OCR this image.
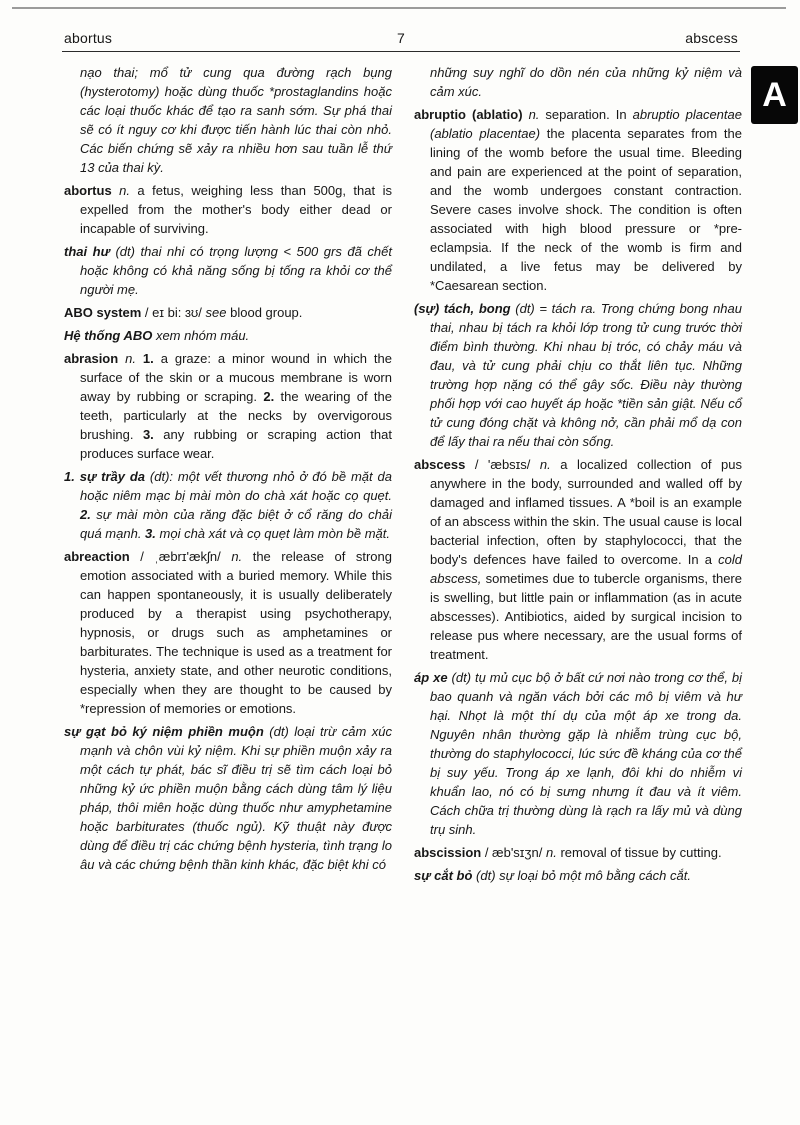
abortus	7	abscess
A

nạo thai; mổ tử cung qua đường rạch bụng (hysterotomy) hoặc dùng thuốc *prostaglandins hoặc các loại thuốc khác để tạo ra sanh sớm. Sự phá thai sẽ có ít nguy cơ khi được tiến hành lúc thai còn nhỏ. Các biến chứng sẽ xảy ra nhiều hơn sau tuần lễ thứ 13 của thai kỳ.

abortus n. a fetus, weighing less than 500g, that is expelled from the mother's body either dead or incapable of surviving.

thai hư (dt) thai nhi có trọng lượng < 500 grs đã chết hoặc không có khả năng sống bị tống ra khỏi cơ thể người mẹ.

ABO system / eɪ bi: ɜʊ/ see blood group.

Hệ thống ABO xem nhóm máu.

abrasion n. 1. a graze: a minor wound in which the surface of the skin or a mucous membrane is worn away by rubbing or scraping. 2. the wearing of the teeth, particularly at the necks by overvigorous brushing. 3. any rubbing or scraping action that produces surface wear.

1. sự trầy da (dt): một vết thương nhỏ ở đó bề mặt da hoặc niêm mạc bị mài mòn do chà xát hoặc cọ quẹt. 2. sự mài mòn của răng đặc biệt ở cổ răng do chải quá mạnh. 3. mọi chà xát và cọ quẹt làm mòn bề mặt.

abreaction / ˌæbrɪ'ækʃn/ n. the release of strong emotion associated with a buried memory. While this can happen spontaneously, it is usually deliberately produced by a therapist using psychotherapy, hypnosis, or drugs such as amphetamines or barbiturates. The technique is used as a treatment for hysteria, anxiety state, and other neurotic conditions, especially when they are thought to be caused by *repression of memories or emotions.

sự gạt bỏ ký niệm phiền muộn (dt) loại trừ cảm xúc mạnh và chôn vùi kỷ niệm. Khi sự phiền muộn xảy ra một cách tự phát, bác sĩ điều trị sẽ tìm cách loại bỏ những kỷ ức phiền muộn bằng cách dùng tâm lý liệu pháp, thôi miên hoặc dùng thuốc như amyphetamine hoặc barbiturates (thuốc ngủ). Kỹ thuật này được dùng để điều trị các chứng bệnh hysteria, tình trạng lo âu và các chứng bệnh thần kinh khác, đặc biệt khi có

những suy nghĩ do dồn nén của những kỷ niệm và cảm xúc.

abruptio (ablatio) n. separation. In abruptio placentae (ablatio placentae) the placenta separates from the lining of the womb before the usual time. Bleeding and pain are experienced at the point of separation, and the womb undergoes constant contraction. Severe cases involve shock. The condition is often associated with high blood pressure or *pre-eclampsia. If the neck of the womb is firm and undilated, a live fetus may be delivered by *Caesarean section.

(sự) tách, bong (dt) = tách ra. Trong chứng bong nhau thai, nhau bị tách ra khỏi lớp trong tử cung trước thời điểm bình thường. Khi nhau bị tróc, có chảy máu và đau, và tử cung phải chịu co thắt liên tục. Những trường hợp nặng có thể gây sốc. Điều này thường phối hợp với cao huyết áp hoặc *tiền sản giật. Nếu cổ tử cung đóng chặt và không nở, cần phải mổ dạ con để lấy thai ra nếu thai còn sống.

abscess / 'æbsɪs/ n. a localized collection of pus anywhere in the body, surrounded and walled off by damaged and inflamed tissues. A *boil is an example of an abscess within the skin. The usual cause is local bacterial infection, often by staphylococci, that the body's defences have failed to overcome. In a cold abscess, sometimes due to tubercle organisms, there is swelling, but little pain or inflammation (as in acute abscesses). Antibiotics, aided by surgical incision to release pus where necessary, are the usual forms of treatment.

áp xe (dt) tụ mủ cục bộ ở bất cứ nơi nào trong cơ thể, bị bao quanh và ngăn vách bởi các mô bị viêm và hư hại. Nhọt là một thí dụ của một áp xe trong da. Nguyên nhân thường gặp là nhiễm trùng cục bộ, thường do staphylococci, lúc sức đề kháng của cơ thể bị suy yếu. Trong áp xe lạnh, đôi khi do nhiễm vi khuẩn lao, nó có bị sưng nhưng ít đau và ít viêm. Cách chữa trị thường dùng là rạch ra lấy mủ và dùng trụ sinh.

abscission / æb'sɪʒn/ n. removal of tissue by cutting.

sự cắt bỏ (dt) sự loại bỏ một mô bằng cách cắt.
